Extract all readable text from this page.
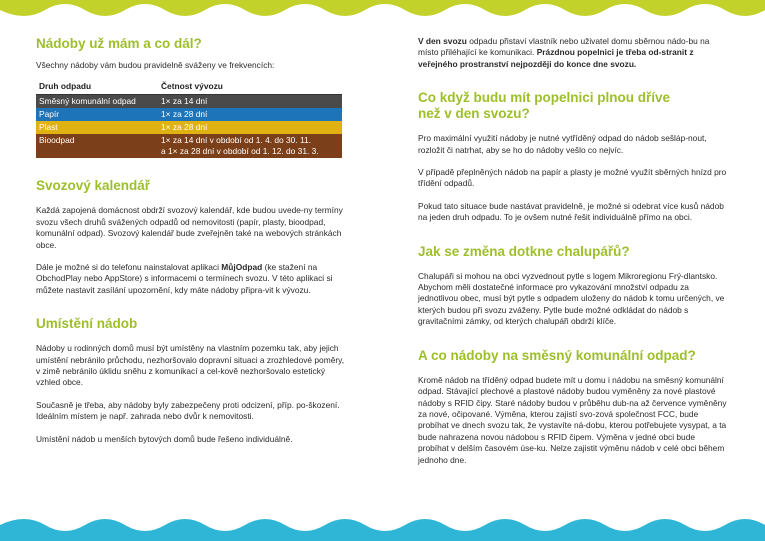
Nádoby už mám a co dál?

Všechny nádoby vám budou pravidelně sváženy ve frekvencích:

Druh odpadu	Četnost vývozu
Směsný komunální odpad	1× za 14 dní
Papír	1× za 28 dní
Plast	1× za 28 dní
Bioodpad	1× za 14 dní v období od 1. 4. do 30. 11.
a 1× za 28 dní v období od 1. 12. do 31. 3.
Svozový kalendář

Každá zapojená domácnost obdrží svozový kalendář, kde budou uvede-ny termíny svozu všech druhů svážených odpadů od nemovitosti (papír, plasty, bioodpad, komunální odpad). Svozový kalendář bude zveřejněn také na webových stránkách obce.

Dále je možné si do telefonu nainstalovat aplikaci MůjOdpad (ke stažení na ObchodPlay nebo AppStore) s informacemi o termínech svozu. V této aplikaci si můžete nastavit zasílání upozornění, kdy máte nádoby připra-vit k vývozu.

Umístění nádob

Nádoby u rodinných domů musí být umístěny na vlastním pozemku tak, aby jejich umístění nebránilo průchodu, nezhoršovalo dopravní situaci a zrozhledové poměry, v zimě nebránilo úklidu sněhu z komunikací a cel-kově nezhoršovalo estetický vzhled obce.

Současně je třeba, aby nádoby byly zabezpečeny proti odcizení, příp. po-škození. Ideálním místem je např. zahrada nebo dvůr k nemovitosti.

Umístění nádob u menších bytových domů bude řešeno individuálně.

V den svozu odpadu přistaví vlastník nebo uživatel domu sběrnou nádo-bu na místo přiléhající ke komunikaci. Prázdnou popelnici je třeba od-stranit z veřejného prostranství nejpozději do konce dne svozu.

Co když budu mít popelnici plnou dříve než v den svozu?

Pro maximální využití nádoby je nutné vytříděný odpad do nádob sešláp-nout, rozložit či natrhat, aby se ho do nádoby vešlo co nejvíc.

V případě přeplněných nádob na papír a plasty je možné využít sběrných hnízd pro třídění odpadů.

Pokud tato situace bude nastávat pravidelně, je možné si odebrat více kusů nádob na jeden druh odpadu. To je ovšem nutné řešit individuálně přímo na obci.

Jak se změna dotkne chalupářů?

Chalupáři si mohou na obci vyzvednout pytle s logem Mikroregionu Frý-dlantsko. Abychom měli dostatečné informace pro vykazování množství odpadu za jednotlivou obec, musí být pytle s odpadem uloženy do nádob k tomu určených, ve kterých budou při svozu zváženy. Pytle bude možné odkládat do nádob s gravitačními zámky, od kterých chalupáři obdrží klíče.

A co nádoby na směsný komunální odpad?

Kromě nádob na tříděný odpad budete mít u domu i nádobu na směsný komunální odpad. Stávající plechové a plastové nádoby budou vyměněny za nové plastové nádoby s RFID čipy. Staré nádoby budou v průběhu dub-na až července vyměněny za nové, očipované. Výměna, kterou zajistí svo-zová společnost FCC, bude probíhat ve dnech svozu tak, že vystavíte ná-dobu, kterou potřebujete vysypat, a ta bude nahrazena novou nádobou s RFID čipem. Výměna v jedné obci bude probíhat v delším časovém úse-ku. Nelze zajistit výměnu nádob v celé obci během jednoho dne.
